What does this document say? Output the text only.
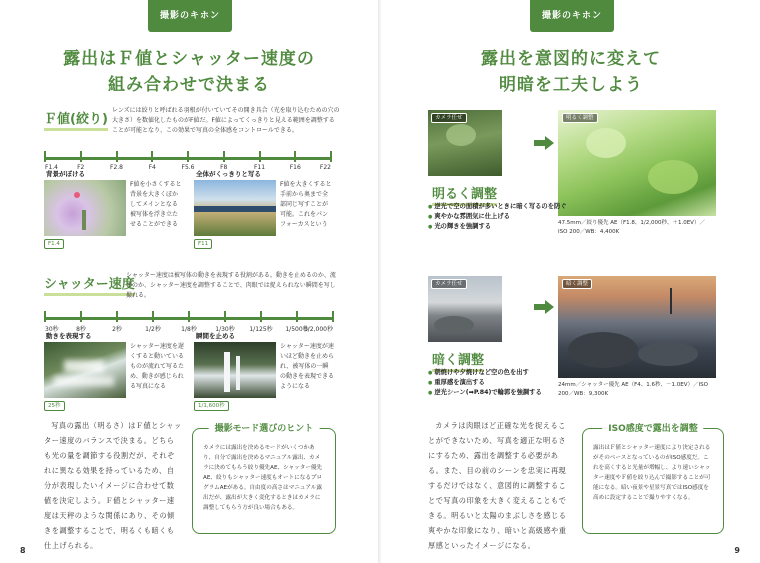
撮影のキホン
露出はＦ値とシャッター速度の
組み合わせで決まる
Ｆ値(絞り)
レンズには絞りと呼ばれる羽根が付いていてその開き具合（光を取り込むための穴の大きさ）を数値化したものがF値だ。F値によってくっきりと見える範囲を調整することが可能となり、この効果で写真の全体感をコントロールできる。
F1.4	F2	F2.8	F4	F5.6	F8	F11	F16	F22
背景がぼける
F1.4
F値を小さくすると背景を大きくぼかしてメインとなる被写体を浮き立たせることができる
全体がくっきりと写る
F11
F値を大きくすると手前から奥まで全部同じ写すことが可能。これをパンフォーカスという
シャッター速度
シャッター速度は被写体の動きを表現する役割がある。動きを止めるのか、流すのか、シャッター速度を調整することで、肉眼では捉えられない瞬間を写し撮れる。
30秒	8秒	2秒	1/2秒	1/8秒	1/30秒 1/125秒 1/500秒
1/2,000秒
動きを表現する
25秒
シャッター速度を遅くすると動いているものが流れて写るため、動きが感じられる写真になる
瞬間を止める
1/1,600秒
シャッター速度が速いほど動きを止められ、被写体の一瞬の動きを表現できるようになる
写真の露出（明るさ）はＦ値とシャッター速度のバランスで決まる。どちらも光の量を調節する役割だが、それぞれに異なる効果を持っているため、自分が表現したいイメージに合わせて数値を決定しよう。Ｆ値とシャッター速度は天秤のような関係にあり、その傾きを調整することで、明るくも暗くも仕上げられる。
撮影モード選びのヒント
カメラには露出を決めるモードがいくつかあり、自分で露出を決めるマニュアル露出、カメラに決めてもらう絞り優先AE、シャッター優先AE、絞りもシャッター速度もオートになるプログラムAEがある。自由度の高さはマニュアル露出だが、露出が大きく変化するときはカメラに調整してもらう方が良い場合もある。
8
撮影のキホン
露出を意図的に変えて
明暗を工夫しよう
カメラ任せ	明るく調整
明るく調整
● 逆光で空の面積が多いときに暗く写るのを防ぐ
● 爽やかな雰囲気に仕上げる
● 光の輝きを強調する	47.5mm／絞り優先 AE（F1.8、1/2,000秒、＋1.0EV）／ISO 200／WB：4,400K
カメラ任せ	暗く調整
暗く調整
● 朝焼けや夕焼けなど空の色を出す
● 重厚感を演出する
● 逆光シーン(➡P.84)で輪郭を強調する
24mm／シャッター優先 AE（F4、1.6秒、－1.0EV）／ISO 200／WB：9,300K
カメラは肉眼ほど正確な光を捉えることができないため、写真を適正な明るさにするため、露出を調整する必要がある。また、目の前のシーンを忠実に再現するだけではなく、意図的に調整することで写真の印象を大きく変えることもできる。明るいと太陽のまぶしさを感じる爽やかな印象になり、暗いと高級感や重厚感といったイメージになる。
ISO感度で露出を調整
露出はＦ値とシャッター速度により決定されるがそのベースとなっているのがISO感度だ。これを高くすると光量が増幅し、より速いシャッター速度やＦ値を絞り込んで撮影することが可能になる。暗い夜景や星景写真ではISO感度を高めに設定することで撮りやすくなる。
9
